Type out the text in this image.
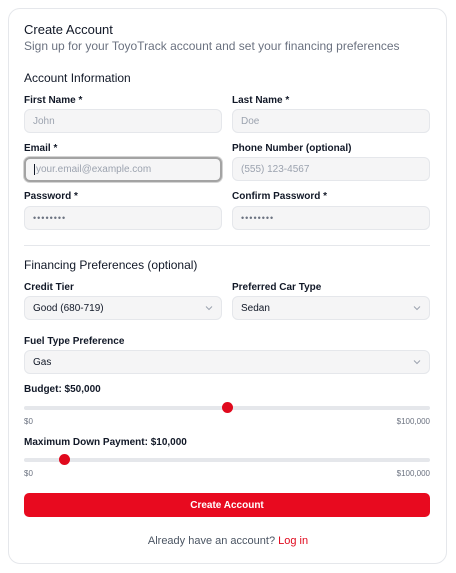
Create Account
Sign up for your ToyoTrack account and set your financing preferences
Account Information
First Name *	Last Name *
John	Doe
Email *	Phone Number (optional)
your.email@example.com	(555) 123-4567
Password *	Confirm Password *
••••••••	••••••••
Financing Preferences (optional)
Credit Tier	Preferred Car Type
Good (680-719)	Sedan
Fuel Type Preference
Gas
Budget: $50,000
$0	$100,000
Maximum Down Payment: $10,000
$0	$100,000
Create Account
Already have an account? Log in
